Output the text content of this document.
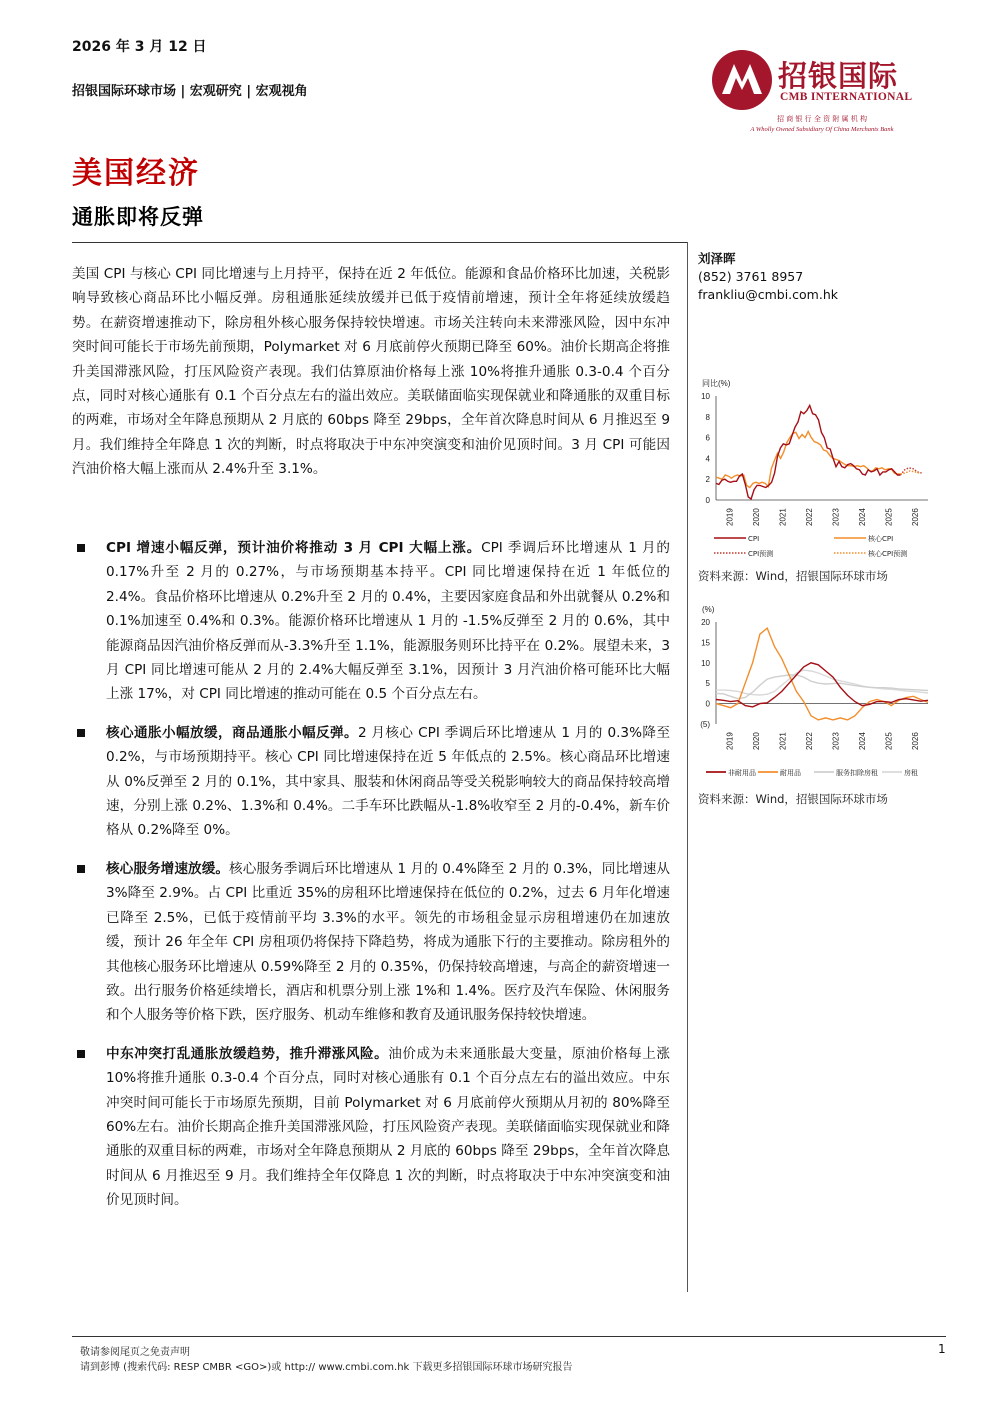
2026 年 3 月 12 日
招银国际环球市场 | 宏观研究 | 宏观视角	招银国际
CMB INTERNATIONAL
招 商 银 行 全 资 附 属 机 构
A Wholly Owned Subsidiary Of China Merchants Bank
美国经济
通胀即将反弹
美国 CPI 与核心 CPI 同比增速与上月持平，保持在近 2 年低位。能源和食品价格环比加速，关税影响导致核心商品环比小幅反弹。房租通胀延续放缓并已低于疫情前增速，预计全年将延续放缓趋势。在薪资增速推动下，除房租外核心服务保持较快增速。市场关注转向未来滞涨风险，因中东冲突时间可能长于市场先前预期，Polymarket 对 6 月底前停火预期已降至 60%。油价长期高企将推升美国滞涨风险，打压风险资产表现。我们估算原油价格每上涨 10%将推升通胀 0.3-0.4 个百分点，同时对核心通胀有 0.1 个百分点左右的溢出效应。美联储面临实现保就业和降通胀的双重目标的两难，市场对全年降息预期从 2 月底的 60bps 降至 29bps，全年首次降息时间从 6 月推迟至 9 月。我们维持全年降息 1 次的判断，时点将取决于中东冲突演变和油价见顶时间。3 月 CPI 可能因汽油价格大幅上涨而从 2.4%升至 3.1%。
CPI 增速小幅反弹，预计油价将推动 3 月 CPI 大幅上涨。CPI 季调后环比增速从 1 月的 0.17%升至 2 月的 0.27%，与市场预期基本持平。CPI 同比增速保持在近 1 年低位的 2.4%。食品价格环比增速从 0.2%升至 2 月的 0.4%，主要因家庭食品和外出就餐从 0.2%和 0.1%加速至 0.4%和 0.3%。能源价格环比增速从 1 月的 -1.5%反弹至 2 月的 0.6%，其中能源商品因汽油价格反弹而从-3.3%升至 1.1%，能源服务则环比持平在 0.2%。展望未来，3 月 CPI 同比增速可能从 2 月的 2.4%大幅反弹至 3.1%，因预计 3 月汽油价格可能环比大幅上涨 17%，对 CPI 同比增速的推动可能在 0.5 个百分点左右。
核心通胀小幅放缓，商品通胀小幅反弹。2 月核心 CPI 季调后环比增速从 1 月的 0.3%降至 0.2%，与市场预期持平。核心 CPI 同比增速保持在近 5 年低点的 2.5%。核心商品环比增速从 0%反弹至 2 月的 0.1%，其中家具、服装和休闲商品等受关税影响较大的商品保持较高增速，分别上涨 0.2%、1.3%和 0.4%。二手车环比跌幅从-1.8%收窄至 2 月的-0.4%，新车价格从 0.2%降至 0%。
核心服务增速放缓。核心服务季调后环比增速从 1 月的 0.4%降至 2 月的 0.3%，同比增速从 3%降至 2.9%。占 CPI 比重近 35%的房租环比增速保持在低位的 0.2%，过去 6 月年化增速已降至 2.5%，已低于疫情前平均 3.3%的水平。领先的市场租金显示房租增速仍在加速放缓，预计 26 年全年 CPI 房租项仍将保持下降趋势，将成为通胀下行的主要推动。除房租外的其他核心服务环比增速从 0.59%降至 2 月的 0.35%，仍保持较高增速，与高企的薪资增速一致。出行服务价格延续增长，酒店和机票分别上涨 1%和 1.4%。医疗及汽车保险、休闲服务和个人服务等价格下跌，医疗服务、机动车维修和教育及通讯服务保持较快增速。
中东冲突打乱通胀放缓趋势，推升滞涨风险。油价成为未来通胀最大变量，原油价格每上涨 10%将推升通胀 0.3-0.4 个百分点，同时对核心通胀有 0.1 个百分点左右的溢出效应。中东冲突时间可能长于市场原先预期，目前 Polymarket 对 6 月底前停火预期从月初的 80%降至 60%左右。油价长期高企推升美国滞涨风险，打压风险资产表现。美联储面临实现保就业和降通胀的双重目标的两难，市场对全年降息预期从 2 月底的 60bps 降至 29bps，全年首次降息时间从 6 月推迟至 9 月。我们维持全年仅降息 1 次的判断，时点将取决于中东冲突演变和油价见顶时间。
刘泽晖
(852) 3761 8957
frankliu@cmbi.com.hk
同比(%)
10
8
6
4
2
0
2019 2020 2021 2022 2023 2024 2025 2026
CPI	核心CPI
CPI预测	核心CPI预测
资料来源：Wind，招银国际环球市场
(%)
20
15
10
5
0
(5)
2019 2020 2021 2022 2023 2024 2025 2026
非耐用品	耐用品	服务扣除房租	房租
资料来源：Wind，招银国际环球市场
敬请参阅尾页之免责声明
请到彭博 (搜索代码: RESP CMBR <GO>)或 http:// www.cmbi.com.hk 下载更多招银国际环球市场研究报告
1
